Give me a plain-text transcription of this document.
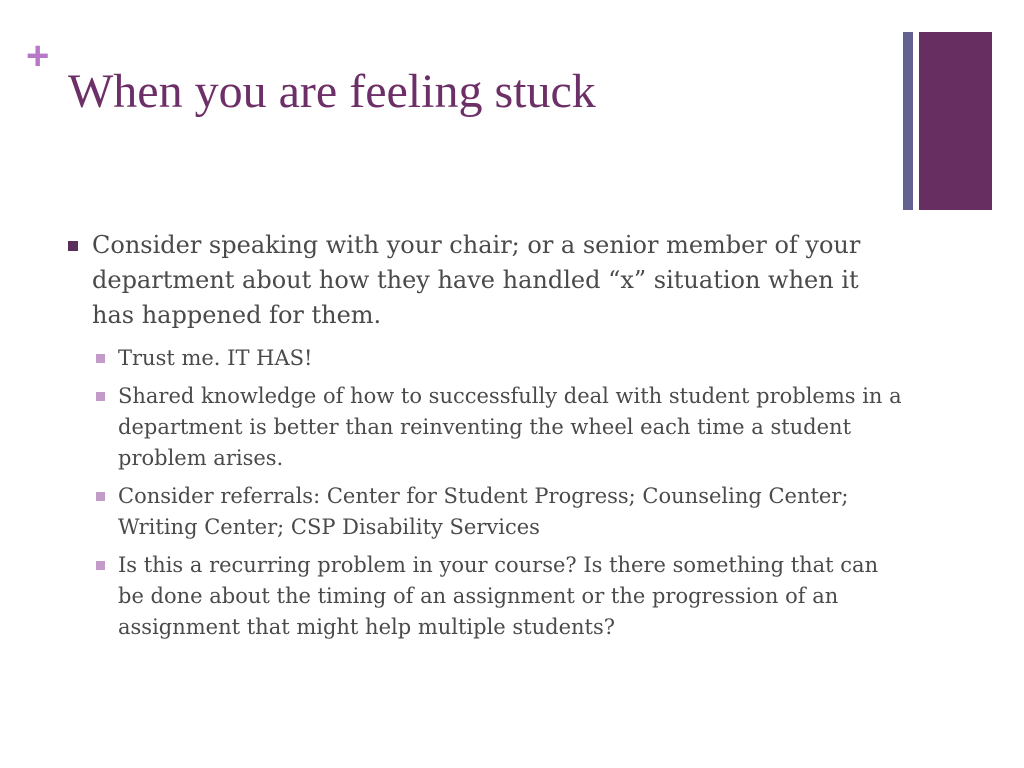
+
When you are feeling stuck
Consider speaking with your chair; or a senior member of your department about how they have handled “x” situation when it has happened for them.
Trust me. IT HAS!
Shared knowledge of how to successfully deal with student problems in a department is better than reinventing the wheel each time a student problem arises.
Consider referrals: Center for Student Progress; Counseling Center; Writing Center; CSP Disability Services
Is this a recurring problem in your course? Is there something that can be done about the timing of an assignment or the progression of an assignment that might help multiple students?
